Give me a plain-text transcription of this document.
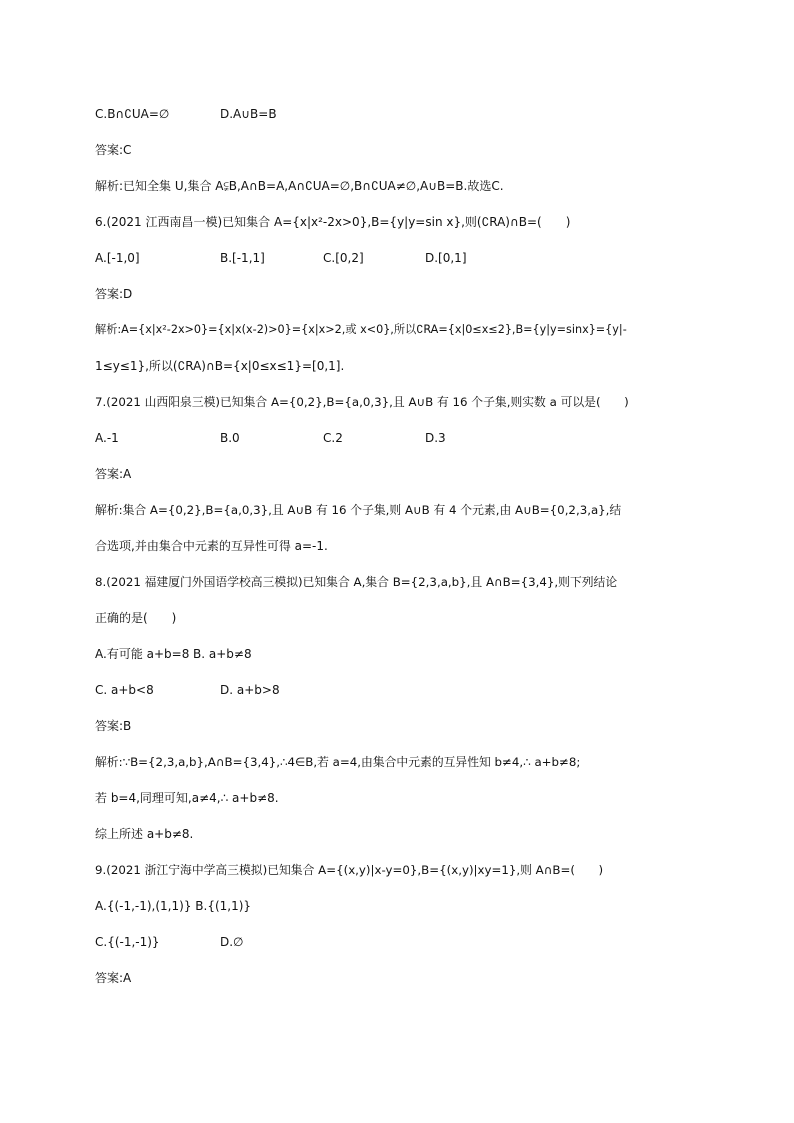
C.B∩∁UA=∅	D.A∪B=B
答案:C
解析:已知全集 U,集合 A⫋B,A∩B=A,A∩∁UA=∅,B∩∁UA≠∅,A∪B=B.故选C.
6.(2021 江西南昌一模)已知集合 A={x|x²-2x>0},B={y|y=sin x},则(∁RA)∩B=(　　)
A.[-1,0]	B.[-1,1]	C.[0,2]	D.[0,1]
答案:D
解析:A={x|x²-2x>0}={x|x(x-2)>0}={x|x>2,或 x<0},所以∁RA={x|0≤x≤2},B={y|y=sinx}={y|-
1≤y≤1},所以(∁RA)∩B={x|0≤x≤1}=[0,1].
7.(2021 山西阳泉三模)已知集合 A={0,2},B={a,0,3},且 A∪B 有 16 个子集,则实数 a 可以是(　　)
A.-1	B.0	C.2	D.3
答案:A
解析:集合 A={0,2},B={a,0,3},且 A∪B 有 16 个子集,则 A∪B 有 4 个元素,由 A∪B={0,2,3,a},结
合选项,并由集合中元素的互异性可得 a=-1.
8.(2021 福建厦门外国语学校高三模拟)已知集合 A,集合 B={2,3,a,b},且 A∩B={3,4},则下列结论
正确的是(　　)
A.有可能 a+b=8 B. a+b≠8
C. a+b<8	D. a+b>8
答案:B
解析:∵B={2,3,a,b},A∩B={3,4},∴4∈B,若 a=4,由集合中元素的互异性知 b≠4,∴ a+b≠8;
若 b=4,同理可知,a≠4,∴ a+b≠8.
综上所述 a+b≠8.
9.(2021 浙江宁海中学高三模拟)已知集合 A={(x,y)|x-y=0},B={(x,y)|xy=1},则 A∩B=(　　)
A.{(-1,-1),(1,1)} B.{(1,1)}
C.{(-1,-1)}	D.∅
答案:A
